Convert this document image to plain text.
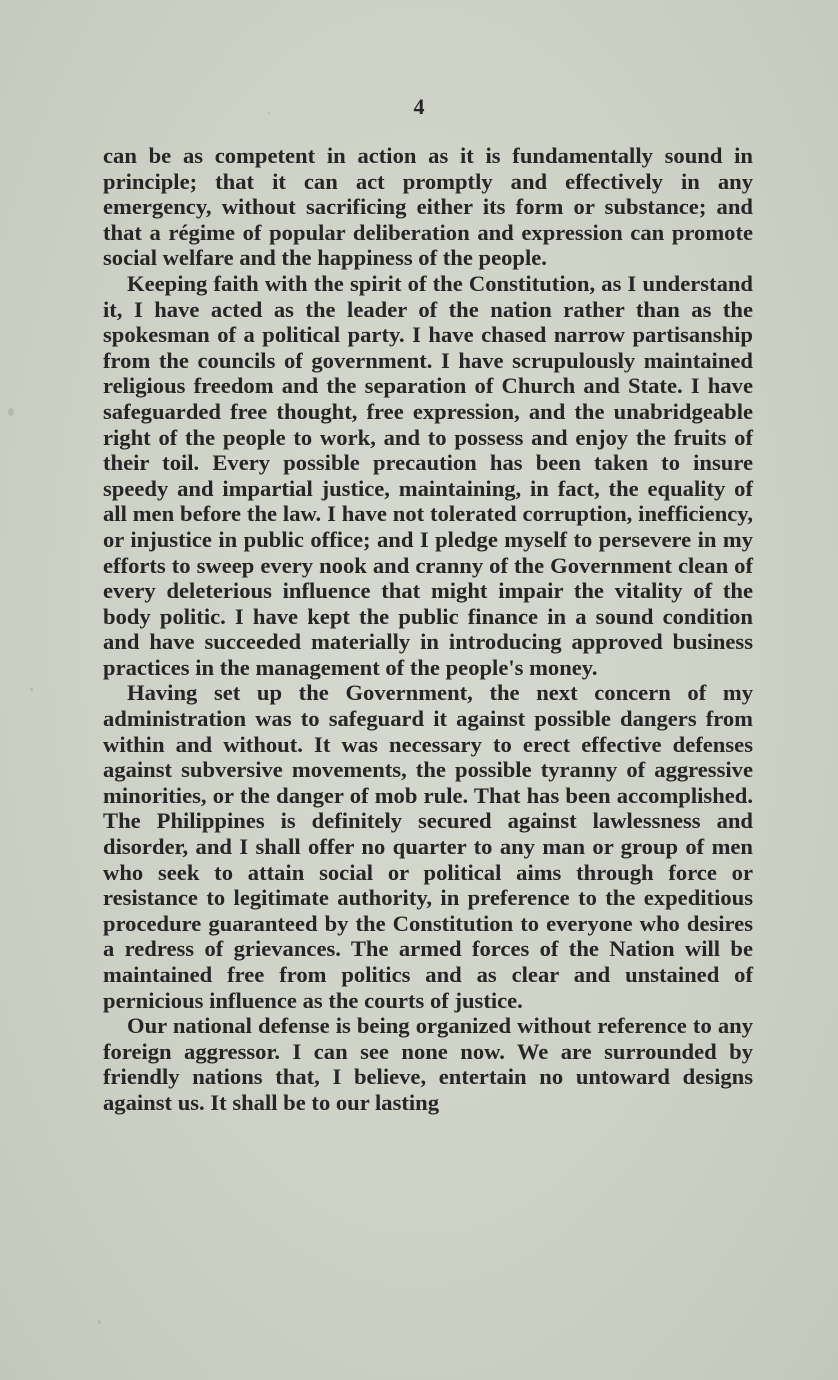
4

can be as competent in action as it is fundamentally sound in principle; that it can act promptly and effectively in any emergency, without sacrificing either its form or substance; and that a régime of popular deliberation and expression can promote social welfare and the happiness of the people.

Keeping faith with the spirit of the Constitution, as I understand it, I have acted as the leader of the nation rather than as the spokesman of a political party. I have chased narrow partisanship from the councils of government. I have scrupulously maintained religious freedom and the separation of Church and State. I have safeguarded free thought, free expression, and the unabridgeable right of the people to work, and to possess and enjoy the fruits of their toil. Every possible precaution has been taken to insure speedy and impartial justice, maintaining, in fact, the equality of all men before the law. I have not tolerated corruption, inefficiency, or injustice in public office; and I pledge myself to persevere in my efforts to sweep every nook and cranny of the Government clean of every deleterious influence that might impair the vitality of the body politic. I have kept the public finance in a sound condition and have succeeded materially in introducing approved business practices in the management of the people's money.

Having set up the Government, the next concern of my administration was to safeguard it against possible dangers from within and without. It was necessary to erect effective defenses against subversive movements, the possible tyranny of aggressive minorities, or the danger of mob rule. That has been accomplished. The Philippines is definitely secured against lawlessness and disorder, and I shall offer no quarter to any man or group of men who seek to attain social or political aims through force or resistance to legitimate authority, in preference to the expeditious procedure guaranteed by the Constitution to everyone who desires a redress of grievances. The armed forces of the Nation will be maintained free from politics and as clear and unstained of pernicious influence as the courts of justice.

Our national defense is being organized without reference to any foreign aggressor. I can see none now. We are surrounded by friendly nations that, I believe, entertain no untoward designs against us. It shall be to our lasting
